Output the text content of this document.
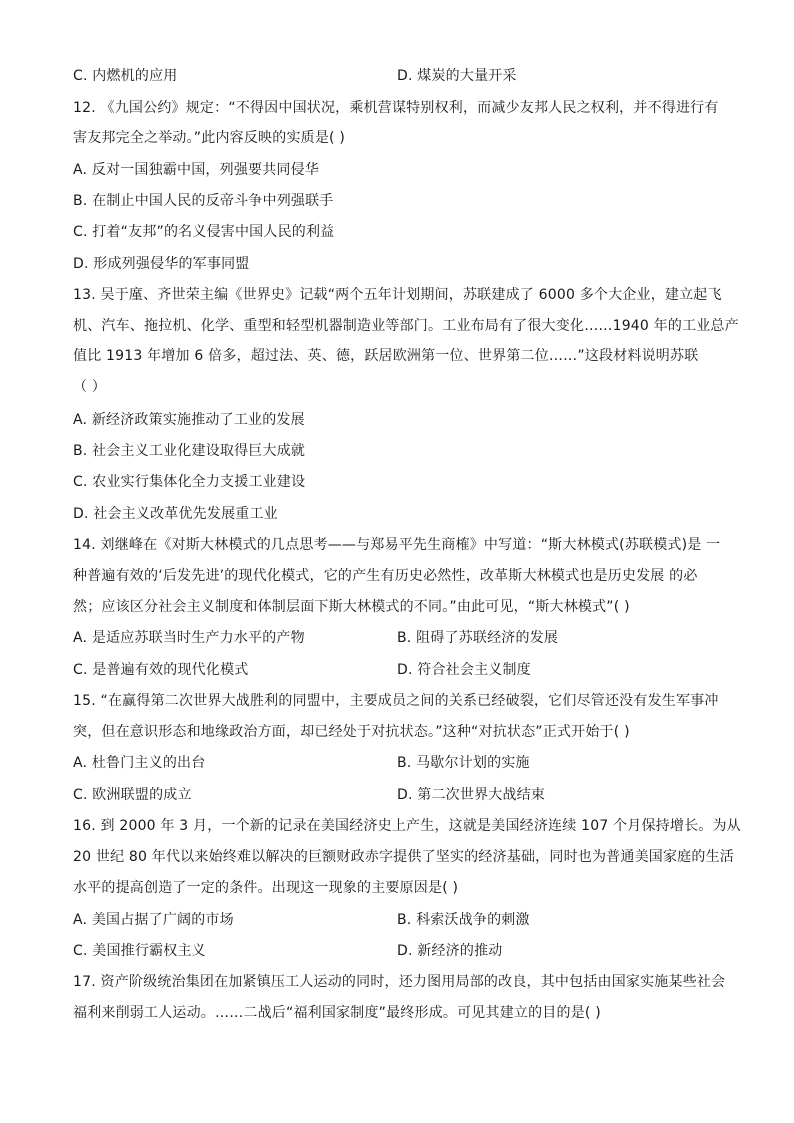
C. 内燃机的应用	D. 煤炭的大量开采
12. 《九国公约》规定：“不得因中国状况，乘机营谋特别权利，而减少友邦人民之权利，并不得进行有
害友邦完全之举动。”此内容反映的实质是( )
A. 反对一国独霸中国，列强要共同侵华
B. 在制止中国人民的反帝斗争中列强联手
C. 打着“友邦”的名义侵害中国人民的利益
D. 形成列强侵华的军事同盟
13. 吴于廑、齐世荣主编《世界史》记载“两个五年计划期间，苏联建成了 6000 多个大企业，建立起飞
机、汽车、拖拉机、化学、重型和轻型机器制造业等部门。工业布局有了很大变化……1940 年的工业总产
值比 1913 年增加 6 倍多，超过法、英、德，跃居欧洲第一位、世界第二位……”这段材料说明苏联
（ ）
A. 新经济政策实施推动了工业的发展
B. 社会主义工业化建设取得巨大成就
C. 农业实行集体化全力支援工业建设
D. 社会主义改革优先发展重工业
14. 刘继峰在《对斯大林模式的几点思考——与郑易平先生商榷》中写道：“斯大林模式(苏联模式)是 一
种普遍有效的‘后发先进’的现代化模式，它的产生有历史必然性，改革斯大林模式也是历史发展 的必
然；应该区分社会主义制度和体制层面下斯大林模式的不同。”由此可见，“斯大林模式”( )
A. 是适应苏联当时生产力水平的产物	B. 阻碍了苏联经济的发展
C. 是普遍有效的现代化模式	D. 符合社会主义制度
15. “在赢得第二次世界大战胜利的同盟中，主要成员之间的关系已经破裂，它们尽管还没有发生军事冲
突，但在意识形态和地缘政治方面，却已经处于对抗状态。”这种“对抗状态”正式开始于( )
A. 杜鲁门主义的出台	B. 马歇尔计划的实施
C. 欧洲联盟的成立	D. 第二次世界大战结束
16. 到 2000 年 3 月，一个新的记录在美国经济史上产生，这就是美国经济连续 107 个月保持增长。为从
20 世纪 80 年代以来始终难以解决的巨额财政赤字提供了坚实的经济基础，同时也为普通美国家庭的生活
水平的提高创造了一定的条件。出现这一现象的主要原因是( )
A. 美国占据了广阔的市场	B. 科索沃战争的刺激
C. 美国推行霸权主义	D. 新经济的推动
17. 资产阶级统治集团在加紧镇压工人运动的同时，还力图用局部的改良，其中包括由国家实施某些社会
福利来削弱工人运动。……二战后“福利国家制度”最终形成。可见其建立的目的是( )
